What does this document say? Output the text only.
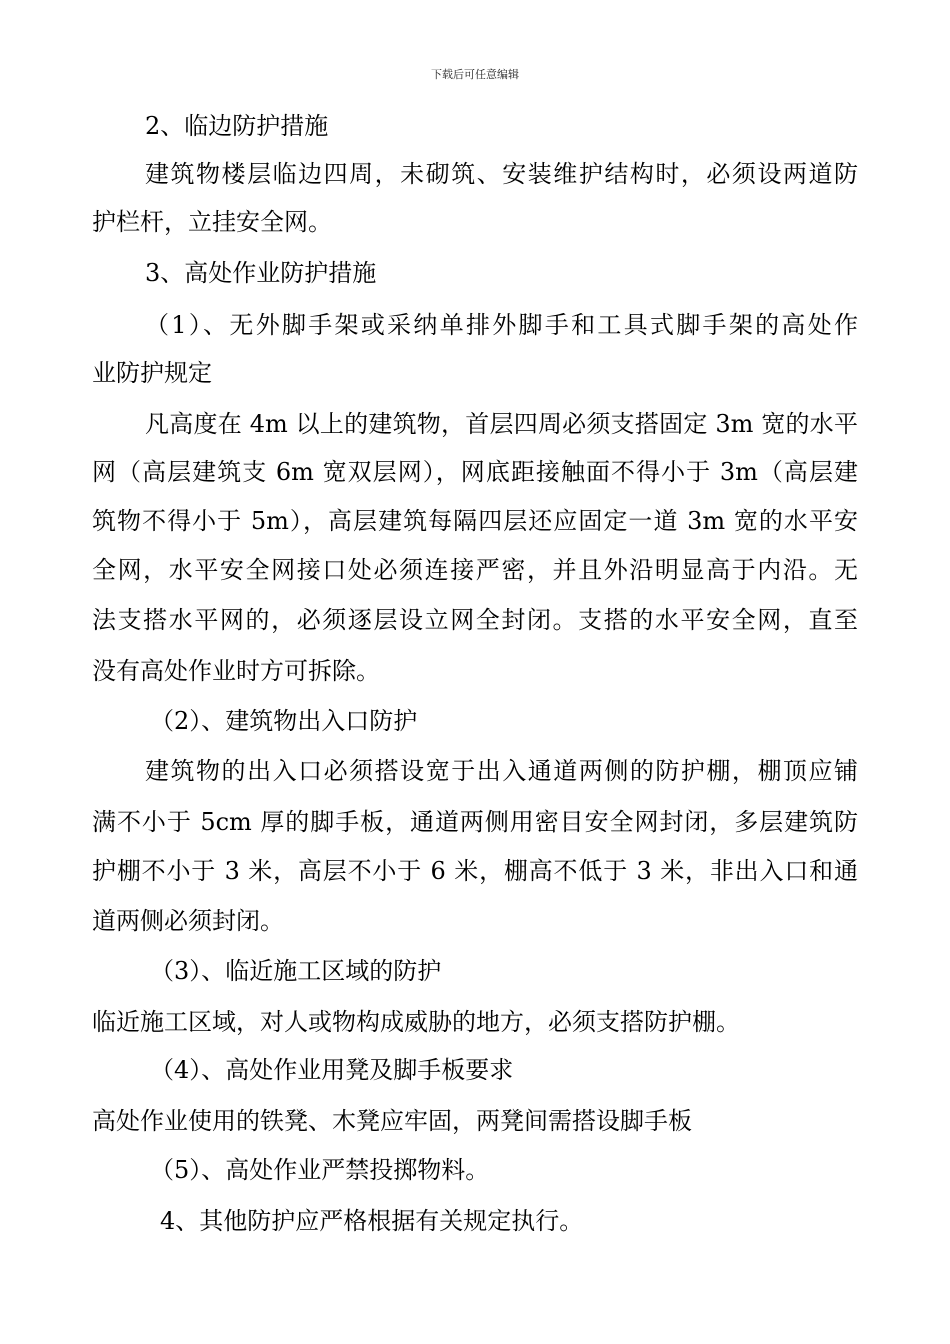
下载后可任意编辑
2、临边防护措施
建筑物楼层临边四周，未砌筑、安装维护结构时，必须设两道防
护栏杆，立挂安全网。
3、高处作业防护措施
（1）、无外脚手架或采纳单排外脚手和工具式脚手架的高处作
业防护规定
凡高度在 4m 以上的建筑物，首层四周必须支搭固定 3m 宽的水平
网（高层建筑支 6m 宽双层网），网底距接触面不得小于 3m（高层建
筑物不得小于 5m），高层建筑每隔四层还应固定一道 3m 宽的水平安
全网，水平安全网接口处必须连接严密，并且外沿明显高于内沿。无
法支搭水平网的，必须逐层设立网全封闭。支搭的水平安全网，直至
没有高处作业时方可拆除。
（2）、建筑物出入口防护
建筑物的出入口必须搭设宽于出入通道两侧的防护棚，棚顶应铺
满不小于 5cm 厚的脚手板，通道两侧用密目安全网封闭，多层建筑防
护棚不小于 3 米，高层不小于 6 米，棚高不低于 3 米，非出入口和通
道两侧必须封闭。
（3）、临近施工区域的防护
临近施工区域，对人或物构成威胁的地方，必须支搭防护棚。
（4）、高处作业用凳及脚手板要求
高处作业使用的铁凳、木凳应牢固，两凳间需搭设脚手板
（5）、高处作业严禁投掷物料。
4、其他防护应严格根据有关规定执行。
